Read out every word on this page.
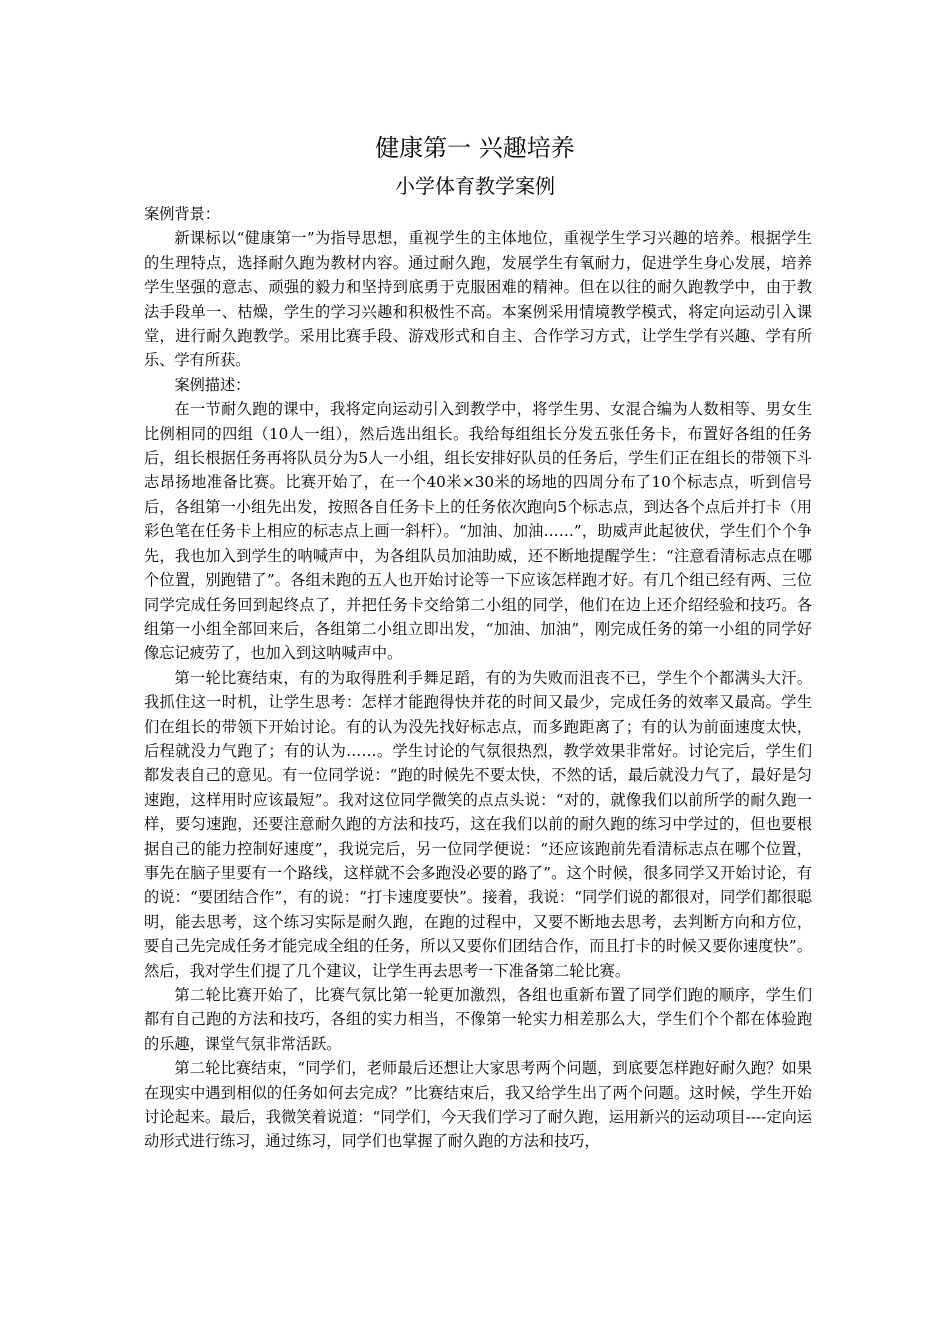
健康第一 兴趣培养
小学体育教学案例

案例背景：

新课标以“健康第一”为指导思想，重视学生的主体地位，重视学生学习兴趣的培养。根据学生的生理特点，选择耐久跑为教材内容。通过耐久跑，发展学生有氧耐力，促进学生身心发展，培养学生坚强的意志、顽强的毅力和坚持到底勇于克服困难的精神。但在以往的耐久跑教学中，由于教法手段单一、枯燥，学生的学习兴趣和积极性不高。本案例采用情境教学模式，将定向运动引入课堂，进行耐久跑教学。采用比赛手段、游戏形式和自主、合作学习方式，让学生学有兴趣、学有所乐、学有所获。

案例描述：

在一节耐久跑的课中，我将定向运动引入到教学中，将学生男、女混合编为人数相等、男女生比例相同的四组（10人一组），然后选出组长。我给每组组长分发五张任务卡，布置好各组的任务后，组长根据任务再将队员分为5人一小组，组长安排好队员的任务后，学生们正在组长的带领下斗志昂扬地准备比赛。比赛开始了，在一个40米×30米的场地的四周分布了10个标志点，听到信号后，各组第一小组先出发，按照各自任务卡上的任务依次跑向5个标志点，到达各个点后并打卡（用彩色笔在任务卡上相应的标志点上画一斜杆）。“加油、加油……”，助威声此起彼伏，学生们个个争先，我也加入到学生的呐喊声中，为各组队员加油助威，还不断地提醒学生：“注意看清标志点在哪个位置，别跑错了”。各组未跑的五人也开始讨论等一下应该怎样跑才好。有几个组已经有两、三位同学完成任务回到起终点了，并把任务卡交给第二小组的同学，他们在边上还介绍经验和技巧。各组第一小组全部回来后，各组第二小组立即出发，“加油、加油”，刚完成任务的第一小组的同学好像忘记疲劳了，也加入到这呐喊声中。

第一轮比赛结束，有的为取得胜利手舞足蹈，有的为失败而沮丧不已，学生个个都满头大汗。我抓住这一时机，让学生思考：怎样才能跑得快并花的时间又最少，完成任务的效率又最高。学生们在组长的带领下开始讨论。有的认为没先找好标志点，而多跑距离了；有的认为前面速度太快，后程就没力气跑了；有的认为……。学生讨论的气氛很热烈，教学效果非常好。讨论完后，学生们都发表自己的意见。有一位同学说：“跑的时候先不要太快，不然的话，最后就没力气了，最好是匀速跑，这样用时应该最短”。我对这位同学微笑的点点头说：“对的，就像我们以前所学的耐久跑一样，要匀速跑，还要注意耐久跑的方法和技巧，这在我们以前的耐久跑的练习中学过的，但也要根据自己的能力控制好速度”，我说完后，另一位同学便说：“还应该跑前先看清标志点在哪个位置，事先在脑子里要有一个路线，这样就不会多跑没必要的路了”。这个时候，很多同学又开始讨论，有的说：“要团结合作”，有的说：“打卡速度要快”。接着，我说：“同学们说的都很对，同学们都很聪明，能去思考，这个练习实际是耐久跑，在跑的过程中，又要不断地去思考，去判断方向和方位，要自己先完成任务才能完成全组的任务，所以又要你们团结合作，而且打卡的时候又要你速度快”。然后，我对学生们提了几个建议，让学生再去思考一下准备第二轮比赛。

第二轮比赛开始了，比赛气氛比第一轮更加激烈，各组也重新布置了同学们跑的顺序，学生们都有自己跑的方法和技巧，各组的实力相当，不像第一轮实力相差那么大，学生们个个都在体验跑的乐趣，课堂气氛非常活跃。

第二轮比赛结束，“同学们，老师最后还想让大家思考两个问题，到底要怎样跑好耐久跑？如果在现实中遇到相似的任务如何去完成？”比赛结束后，我又给学生出了两个问题。这时候，学生开始讨论起来。最后，我微笑着说道：“同学们，今天我们学习了耐久跑，运用新兴的运动项目----定向运动形式进行练习，通过练习，同学们也掌握了耐久跑的方法和技巧，
